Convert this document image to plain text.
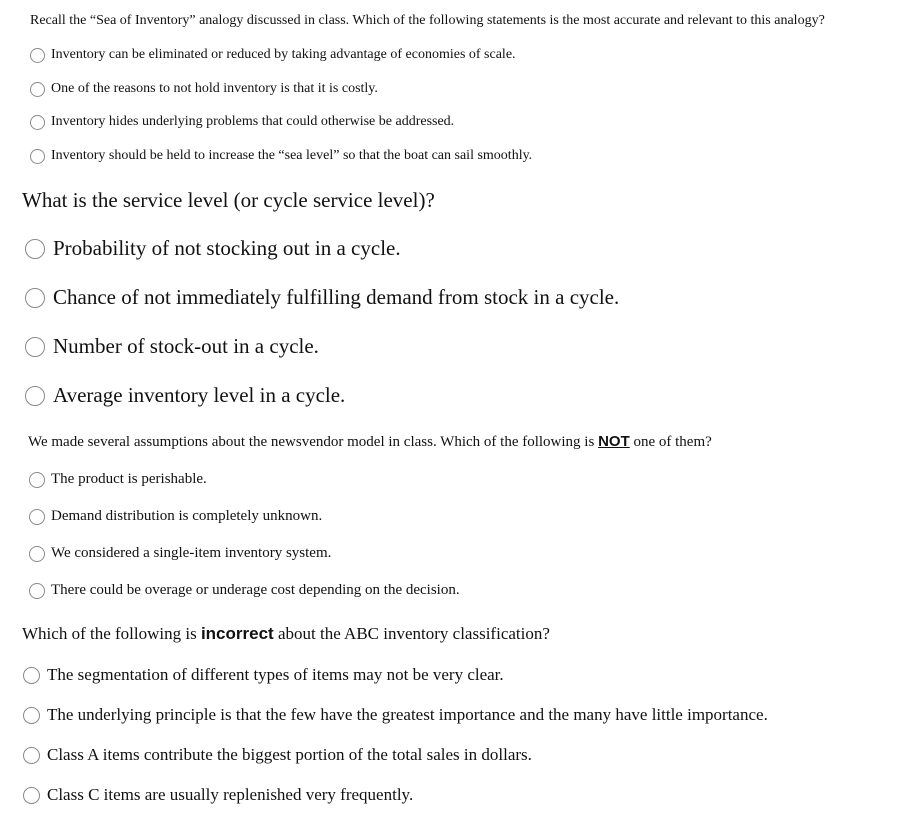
Recall the “Sea of Inventory” analogy discussed in class. Which of the following statements is the most accurate and relevant to this analogy?
Inventory can be eliminated or reduced by taking advantage of economies of scale.
One of the reasons to not hold inventory is that it is costly.
Inventory hides underlying problems that could otherwise be addressed.
Inventory should be held to increase the “sea level” so that the boat can sail smoothly.
What is the service level (or cycle service level)?
Probability of not stocking out in a cycle.
Chance of not immediately fulfilling demand from stock in a cycle.
Number of stock-out in a cycle.
Average inventory level in a cycle.
We made several assumptions about the newsvendor model in class. Which of the following is NOT one of them?
The product is perishable.
Demand distribution is completely unknown.
We considered a single-item inventory system.
There could be overage or underage cost depending on the decision.
Which of the following is incorrect about the ABC inventory classification?
The segmentation of different types of items may not be very clear.
The underlying principle is that the few have the greatest importance and the many have little importance.
Class A items contribute the biggest portion of the total sales in dollars.
Class C items are usually replenished very frequently.
